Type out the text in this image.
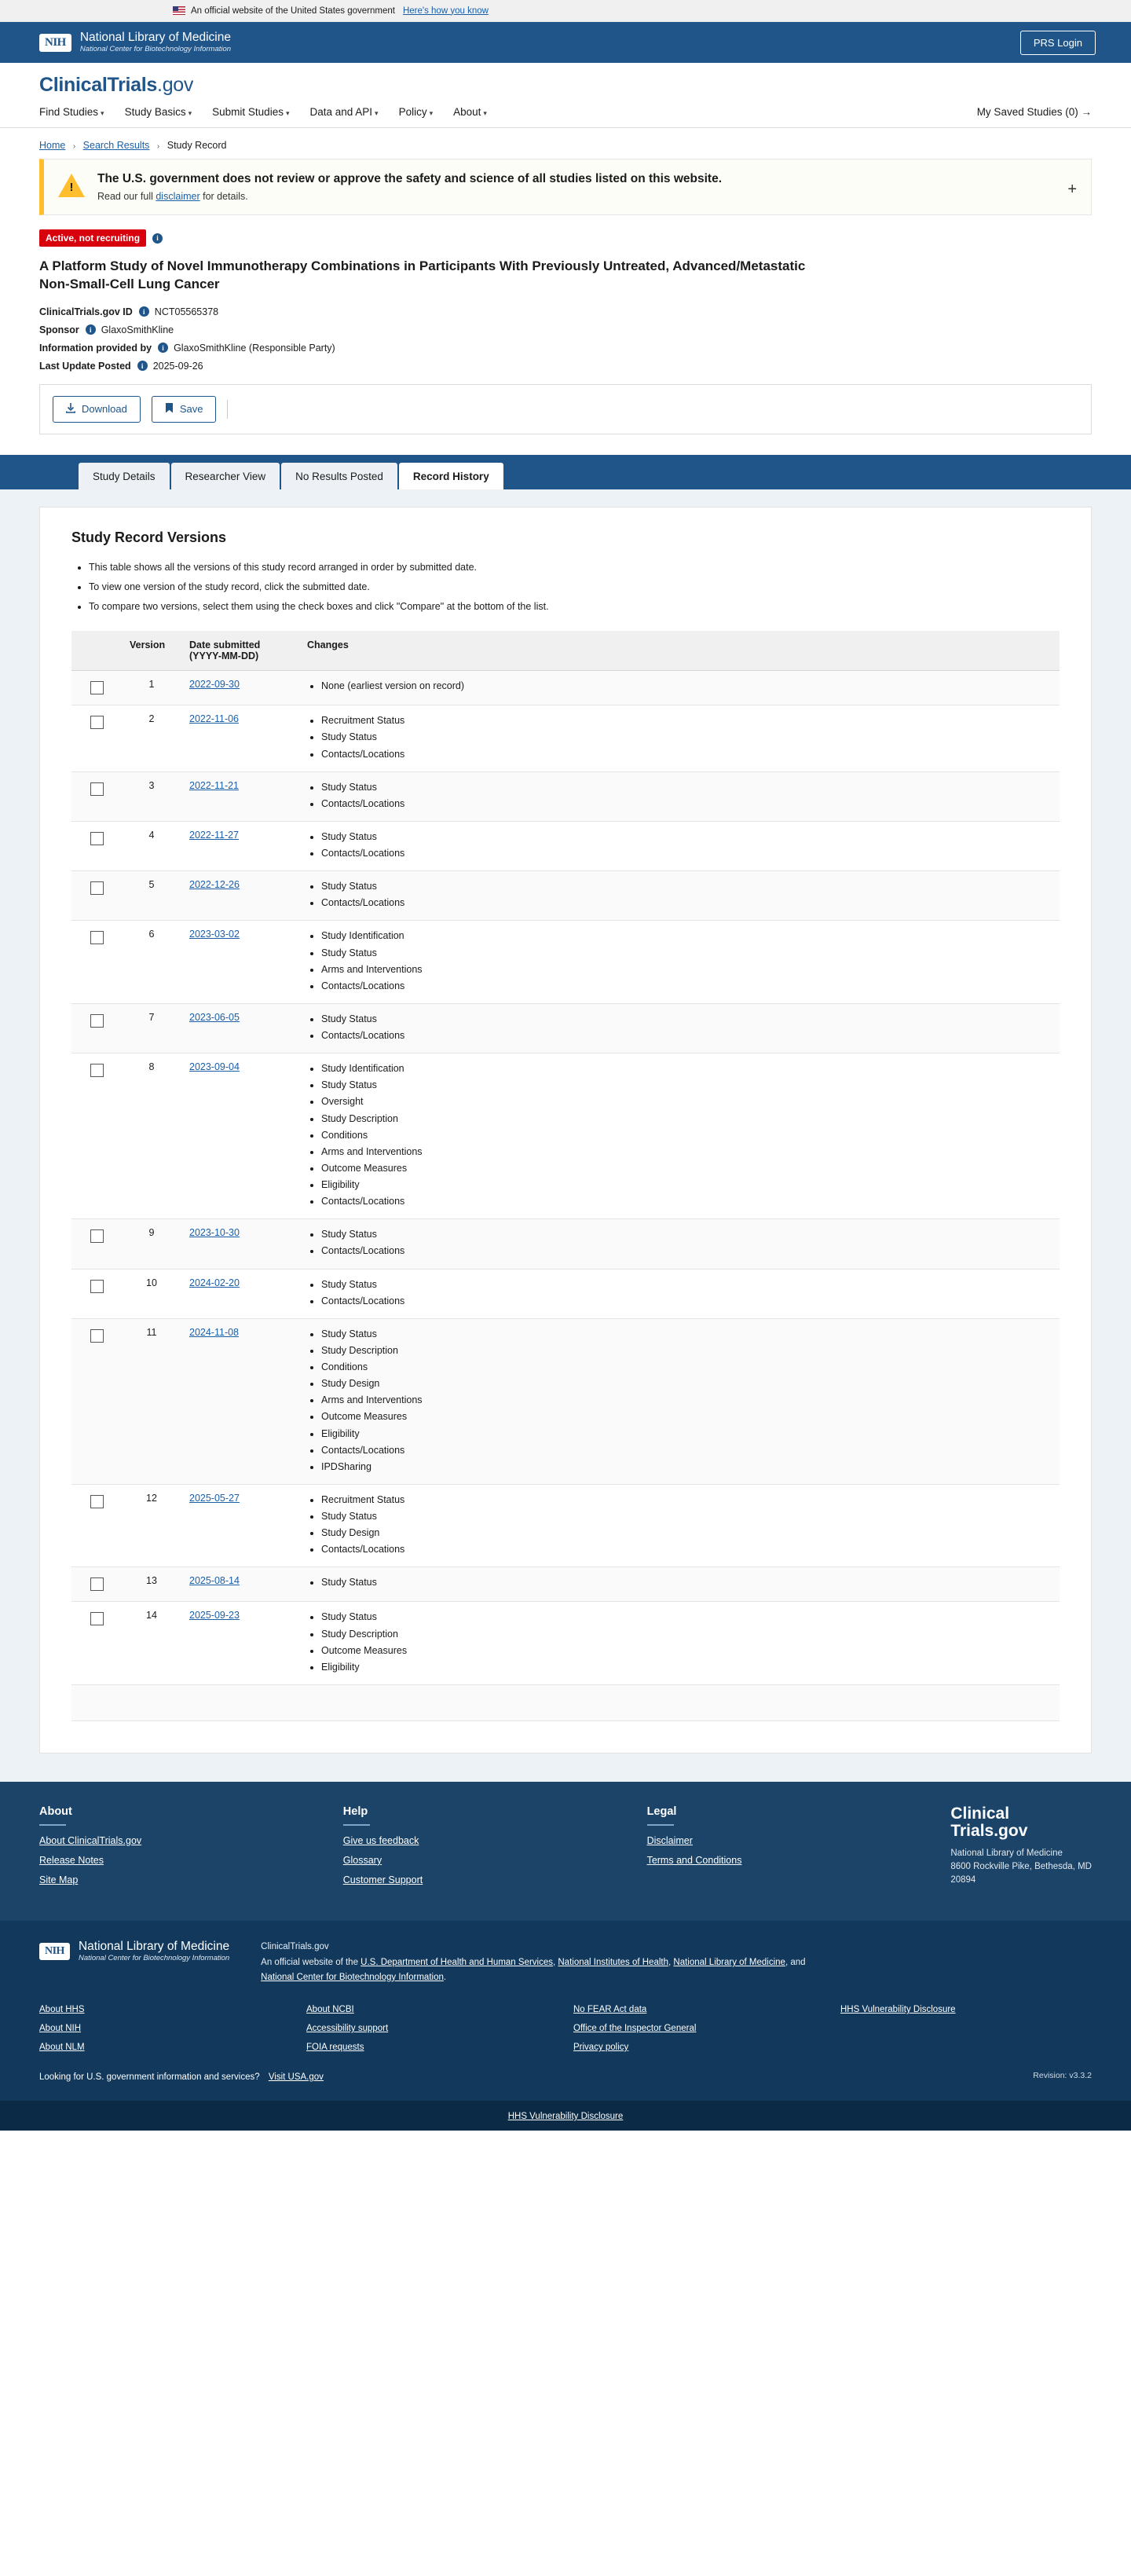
An official website of the United States government Here's how you know
NIH	National Library of Medicine
National Center for Biotechnology Information
PRS Login
ClinicalTrials.gov
Find Studies ▾ Study Basics ▾ Submit Studies ▾ Data and API ▾ Policy ▾ About ▾	My Saved Studies (0) →
Home › Search Results › Study Record
!
The U.S. government does not review or approve the safety and science of all studies listed on this website.
Read our full disclaimer for details.	+
Active, not recruiting	i
A Platform Study of Novel Immunotherapy Combinations in Participants With Previously Untreated, Advanced/Metastatic Non-Small-Cell Lung Cancer
ClinicalTrials.gov ID	i NCT05565378
Sponsor	i GlaxoSmithKline
Information provided by	i GlaxoSmithKline (Responsible Party)
Last Update Posted	i 2025-09-26
Download	Save
Study Details	Researcher View	No Results Posted	Record History
Study Record Versions
• This table shows all the versions of this study record arranged in order by submitted date.
• To view one version of the study record, click the submitted date.
• To compare two versions, select them using the check boxes and click "Compare" at the bottom of the list.
	Version	Date submitted (YYYY-MM-DD)	Changes
	1	2022-09-30	
•None (earliest version on record)

	2	2022-11-06	
•Recruitment Status
• Study Status
• Contacts/Locations

	3	2022-11-21	
•Study Status
• Contacts/Locations

	4	2022-11-27	
•Study Status
• Contacts/Locations

	5	2022-12-26	
•Study Status
• Contacts/Locations

	6	2023-03-02	
•Study Identification
• Study Status
• Arms and Interventions
• Contacts/Locations

	7	2023-06-05	
•Study Status
• Contacts/Locations

	8	2023-09-04	
•Study Identification
• Study Status
• Oversight
• Study Description
• Conditions
• Arms and Interventions
• Outcome Measures
• Eligibility
• Contacts/Locations

	9	2023-10-30	
•Study Status
• Contacts/Locations

	10	2024-02-20	
•Study Status
• Contacts/Locations

	11	2024-11-08	
•Study Status
• Study Description
• Conditions
• Study Design
• Arms and Interventions
• Outcome Measures
• Eligibility
• Contacts/Locations
• IPDSharing

	12	2025-05-27	
•Recruitment Status
• Study Status
• Study Design
• Contacts/Locations

	13	2025-08-14	
•Study Status

	14	2025-09-23	
•Study Status
• Study Description
• Outcome Measures
• Eligibility

About
About ClinicalTrials.gov
Release Notes
Site Map
Help
Give us feedback
Glossary
Customer Support
Legal
Disclaimer
Terms and Conditions
Clinical
Trials.gov
National Library of Medicine
8600 Rockville Pike, Bethesda, MD
20894
NIH	National Library of Medicine
National Center for Biotechnology Information
ClinicalTrials.gov
An official website of the U.S. Department of Health and Human Services, National Institutes of Health, National Library of Medicine, and National Center for Biotechnology Information.
About HHS	About NCBI	No FEAR Act data	HHS Vulnerability Disclosure
About NIH	Accessibility support	Office of the Inspector General
About NLM	FOIA requests	Privacy policy
Looking for U.S. government information and services? Visit USA.gov	Revision: v3.3.2
HHS Vulnerability Disclosure
